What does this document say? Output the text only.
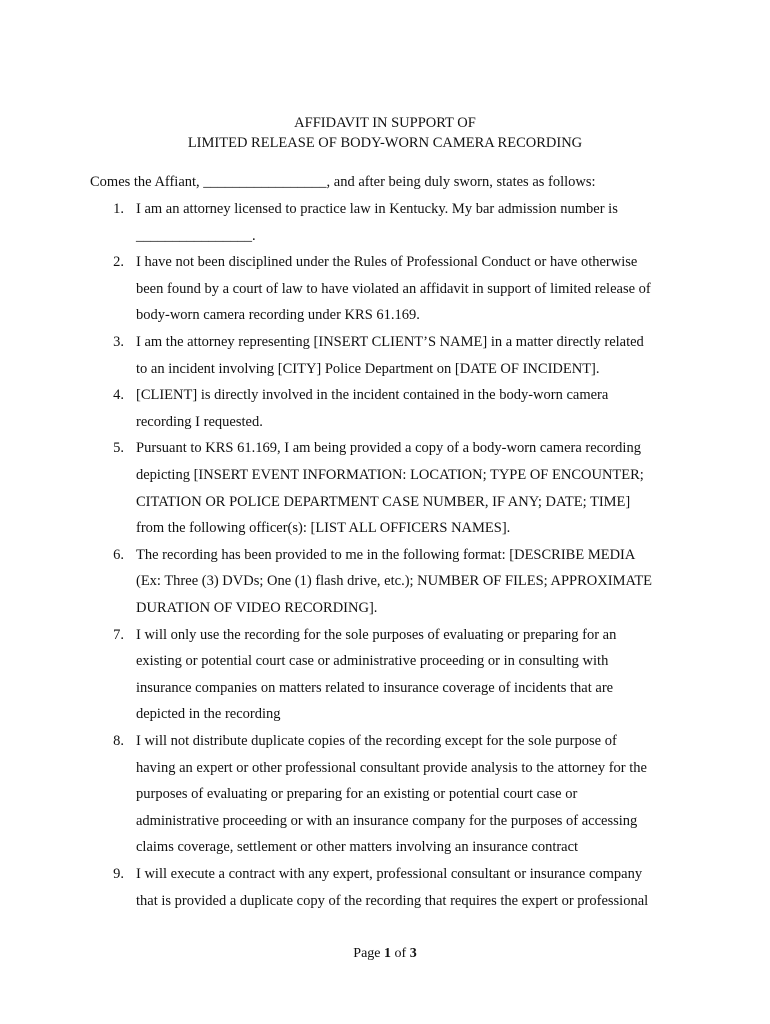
AFFIDAVIT IN SUPPORT OF
LIMITED RELEASE OF BODY-WORN CAMERA RECORDING
Comes the Affiant, _________________, and after being duly sworn, states as follows:
1. I am an attorney licensed to practice law in Kentucky. My bar admission number is
________________.
2. I have not been disciplined under the Rules of Professional Conduct or have otherwise
been found by a court of law to have violated an affidavit in support of limited release of
body-worn camera recording under KRS 61.169.
3. I am the attorney representing [INSERT CLIENT’S NAME] in a matter directly related
to an incident involving [CITY] Police Department on [DATE OF INCIDENT].
4. [CLIENT] is directly involved in the incident contained in the body-worn camera
recording I requested.
5. Pursuant to KRS 61.169, I am being provided a copy of a body-worn camera recording
depicting [INSERT EVENT INFORMATION: LOCATION; TYPE OF ENCOUNTER;
CITATION OR POLICE DEPARTMENT CASE NUMBER, IF ANY; DATE; TIME]
from the following officer(s): [LIST ALL OFFICERS NAMES].
6. The recording has been provided to me in the following format: [DESCRIBE MEDIA
(Ex: Three (3) DVDs; One (1) flash drive, etc.); NUMBER OF FILES; APPROXIMATE
DURATION OF VIDEO RECORDING].
7. I will only use the recording for the sole purposes of evaluating or preparing for an
existing or potential court case or administrative proceeding or in consulting with
insurance companies on matters related to insurance coverage of incidents that are
depicted in the recording
8. I will not distribute duplicate copies of the recording except for the sole purpose of
having an expert or other professional consultant provide analysis to the attorney for the
purposes of evaluating or preparing for an existing or potential court case or
administrative proceeding or with an insurance company for the purposes of accessing
claims coverage, settlement or other matters involving an insurance contract
9. I will execute a contract with any expert, professional consultant or insurance company
that is provided a duplicate copy of the recording that requires the expert or professional
Page 1 of 3
